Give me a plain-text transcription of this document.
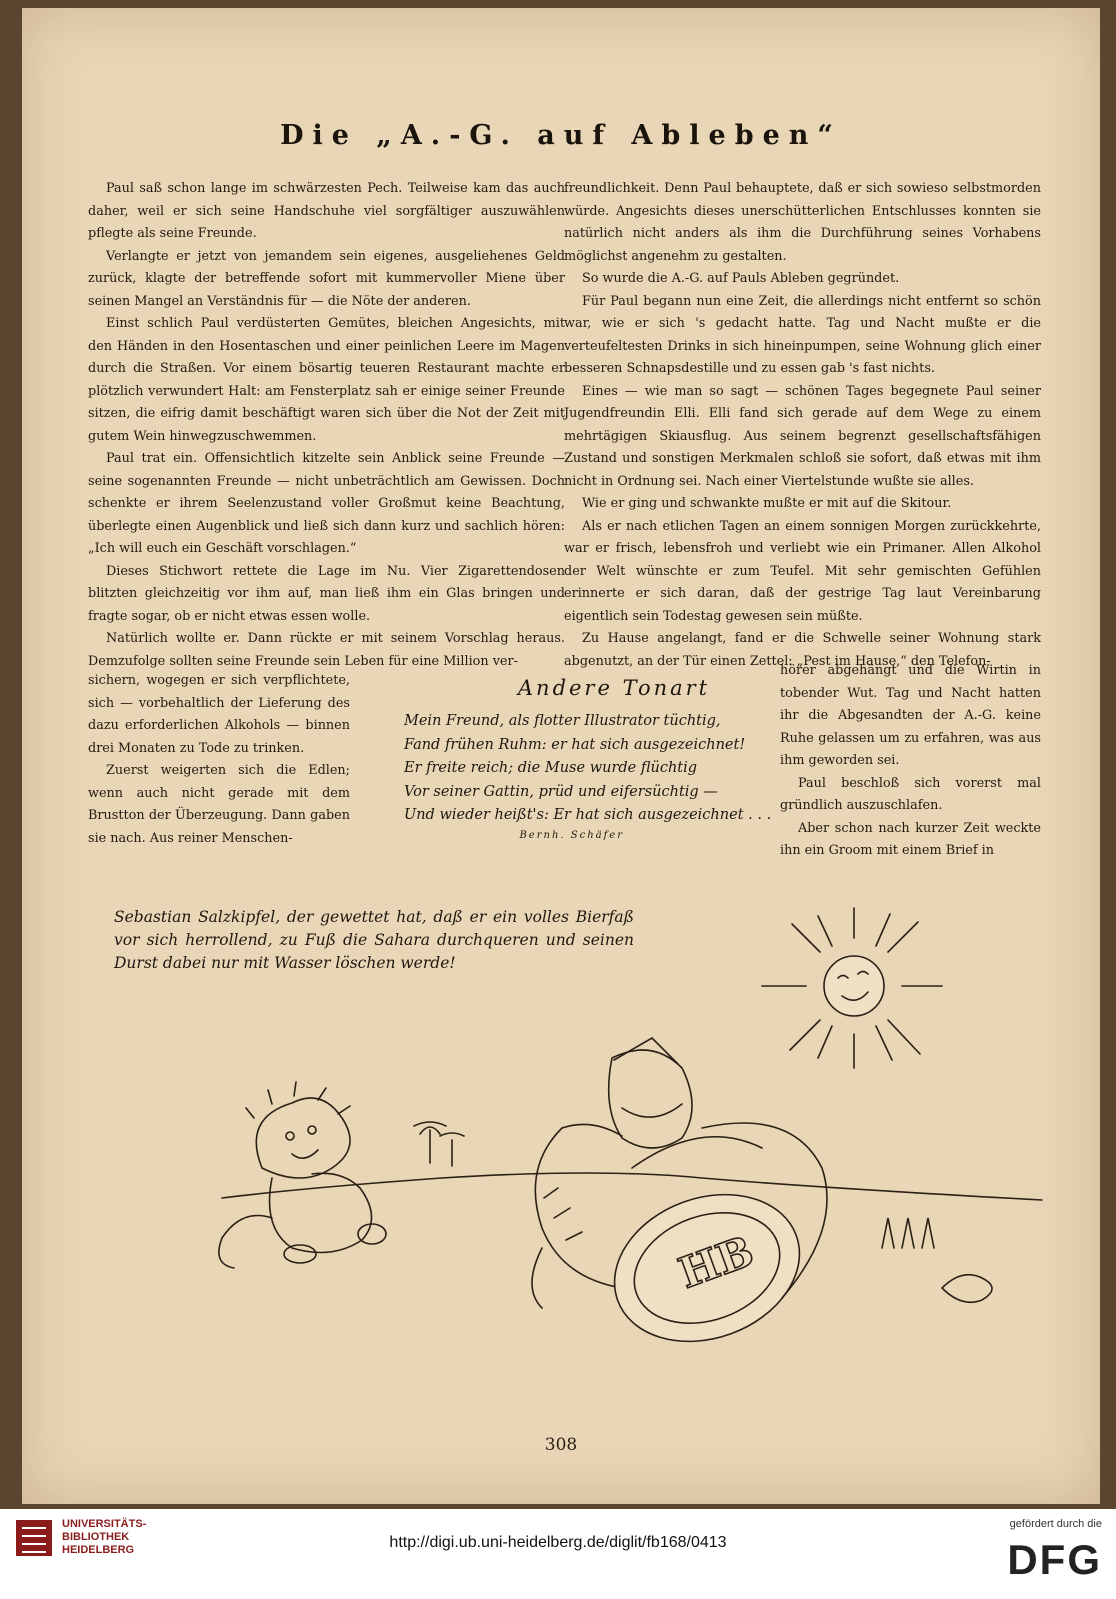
Die „A.-G. auf Ableben“

Paul saß schon lange im schwärzesten Pech. Teilweise kam das auch daher, weil er sich seine Handschuhe viel sorgfältiger auszuwählen pflegte als seine Freunde.

Verlangte er jetzt von jemandem sein eigenes, ausgeliehenes Geld zurück, klagte der betreffende sofort mit kummervoller Miene über seinen Mangel an Verständnis für — die Nöte der anderen.

Einst schlich Paul verdüsterten Gemütes, bleichen Angesichts, mit den Händen in den Hosentaschen und einer peinlichen Leere im Magen durch die Straßen. Vor einem bösartig teueren Restaurant machte er plötzlich verwundert Halt: am Fensterplatz sah er einige seiner Freunde sitzen, die eifrig damit beschäftigt waren sich über die Not der Zeit mit gutem Wein hinwegzuschwemmen.

Paul trat ein. Offensichtlich kitzelte sein Anblick seine Freunde — seine sogenannten Freunde — nicht unbeträchtlich am Gewissen. Doch schenkte er ihrem Seelenzustand voller Großmut keine Beachtung, überlegte einen Augenblick und ließ sich dann kurz und sachlich hören: „Ich will euch ein Geschäft vorschlagen.“

Dieses Stichwort rettete die Lage im Nu. Vier Zigarettendosen blitzten gleichzeitig vor ihm auf, man ließ ihm ein Glas bringen und fragte sogar, ob er nicht etwas essen wolle.

Natürlich wollte er. Dann rückte er mit seinem Vorschlag heraus. Demzufolge sollten seine Freunde sein Leben für eine Million ver-

sichern, wogegen er sich verpflichtete, sich — vorbehaltlich der Lieferung des dazu erforderlichen Alkohols — binnen drei Monaten zu Tode zu trinken.

Zuerst weigerten sich die Edlen; wenn auch nicht gerade mit dem Brustton der Überzeugung. Dann gaben sie nach. Aus reiner Menschen-

freundlichkeit. Denn Paul behauptete, daß er sich sowieso selbstmorden würde. Angesichts dieses unerschütterlichen Entschlusses konnten sie natürlich nicht anders als ihm die Durchführung seines Vorhabens möglichst angenehm zu gestalten.

So wurde die A.-G. auf Pauls Ableben gegründet.

Für Paul begann nun eine Zeit, die allerdings nicht entfernt so schön war, wie er sich 's gedacht hatte. Tag und Nacht mußte er die verteufeltesten Drinks in sich hineinpumpen, seine Wohnung glich einer besseren Schnapsdestille und zu essen gab 's fast nichts.

Eines — wie man so sagt — schönen Tages begegnete Paul seiner Jugendfreundin Elli. Elli fand sich gerade auf dem Wege zu einem mehrtägigen Skiausflug. Aus seinem begrenzt gesellschaftsfähigen Zustand und sonstigen Merkmalen schloß sie sofort, daß etwas mit ihm nicht in Ordnung sei. Nach einer Viertelstunde wußte sie alles.

Wie er ging und schwankte mußte er mit auf die Skitour.

Als er nach etlichen Tagen an einem sonnigen Morgen zurückkehrte, war er frisch, lebensfroh und verliebt wie ein Primaner. Allen Alkohol der Welt wünschte er zum Teufel. Mit sehr gemischten Gefühlen erinnerte er sich daran, daß der gestrige Tag laut Vereinbarung eigentlich sein Todestag gewesen sein müßte.

Zu Hause angelangt, fand er die Schwelle seiner Wohnung stark abgenutzt, an der Tür einen Zettel: „Pest im Hause,“ den Telefon-

hörer abgehängt und die Wirtin in tobender Wut. Tag und Nacht hatten ihr die Abgesandten der A.-G. keine Ruhe gelassen um zu erfahren, was aus ihm geworden sei.

Paul beschloß sich vorerst mal gründlich auszuschlafen.

Aber schon nach kurzer Zeit weckte ihn ein Groom mit einem Brief in

Andere Tonart
Mein Freund, als flotter Illustrator tüchtig,
Fand frühen Ruhm: er hat sich ausgezeichnet!
Er freite reich; die Muse wurde flüchtig
Vor seiner Gattin, prüd und eifersüchtig —
Und wieder heißt's: Er hat sich ausgezeichnet . . .
Bernh. Schäfer
HB
Sebastian Salzkipfel, der gewettet hat, daß er ein volles Bierfaß vor sich herrollend, zu Fuß die Sahara durchqueren und seinen Durst dabei nur mit Wasser löschen werde!
308
UNIVERSITÄTS-
BIBLIOTHEK
HEIDELBERG	http://digi.ub.uni-heidelberg.de/diglit/fb168/0413
gefördert durch die
DFG
